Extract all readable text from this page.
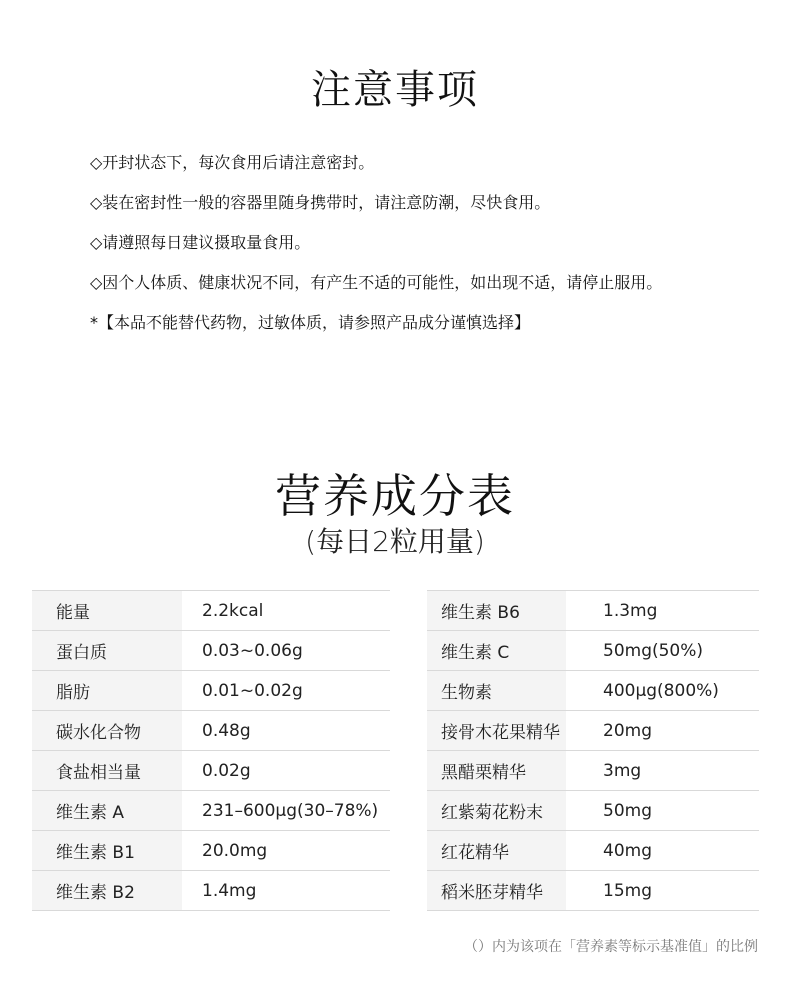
注意事项
◇开封状态下，每次食用后请注意密封。
◇装在密封性一般的容器里随身携带时，请注意防潮，尽快食用。
◇请遵照每日建议摄取量食用。
◇因个人体质、健康状况不同，有产生不适的可能性，如出现不适，请停止服用。
*【本品不能替代药物，过敏体质，请参照产品成分谨慎选择】
营养成分表
(每日2粒用量)
能量	2.2kcal
蛋白质	0.03~0.06g
脂肪	0.01~0.02g
碳水化合物	0.48g
食盐相当量	0.02g
维生素 A	231–600μg(30–78%)
维生素 B1	20.0mg
维生素 B2	1.4mg
维生素 B6	1.3mg
维生素 C	50mg(50%)
生物素	400μg(800%)
接骨木花果精华	20mg
黑醋栗精华	3mg
红紫菊花粉末	50mg
红花精华	40mg
稻米胚芽精华	15mg
（）内为该项在「营养素等标示基准值」的比例
